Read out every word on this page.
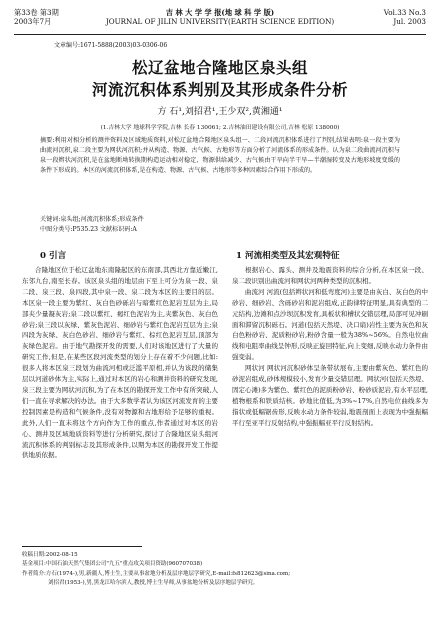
第33卷 第3期
2003年7月
吉 林 大 学 学 报(地 球 科 学 版)
JOURNAL OF JILIN UNIVERSITY(EARTH SCIENCE EDITION)
Vol.33 No.3
Jul. 2003
文章编号:1671-5888(2003)03-0306-06
松辽盆地合隆地区泉头组
河流沉积体系判别及其形成条件分析
方 石¹,刘招君¹,王少双²,黄湘通¹
(1.吉林大学 地球科学学院,吉林 长春 130061; 2.吉林油田建设有限公司,吉林 松原 138000)
摘要:利用对相分析的测井资料及区域地质资料,对松辽盆地合隆地区泉头组一、二段河流沉积体系进行了判别,结果表明:泉一段主要为曲流河沉积,泉二段主要为网状河沉积;并从构造、物源、古气候、古地形等方面分析了河流体系的形成条件。认为泉二段曲流河沉积与泉一段辫状河沉积,是在盆地断坳转换期构造运动相对稳定、物源供给减少、古气候由干旱向半干旱—半潮湿转变及古地形坡度变缓的条件下形成的。本区的河流沉积体系,是在构造、物源、古气候、古地形等多种因素综合作用下形成的。
关键词:泉头组;河流沉积体系;形成条件
中图分类号:P535.23 文献标识码:A
0 引言	1 河流相类型及其宏观特征

合隆地区位于松辽盆地东南隆起区的东南部,其西北方靠近嫩江,东邻九台,南至长春。该区泉头组的地层由下至上可分为泉一段、泉二段、泉三段、泉四段,其中泉一段、泉二段为本区的主要目的层。本区泉一段主要为紫红、灰白色砂砾岩与暗紫红色泥岩互层为主,局部夹少量凝灰岩;泉二段以紫红、褐红色泥岩为主,夹紫灰色、灰白色砂岩;泉三段以灰绿、紫灰色泥岩、细砂岩与紫红色泥岩互层为主;泉四段为灰绿、灰白色砂岩、细砂岩与紫红、棕红色泥岩互层,顶部为灰绿色泥岩。由于地气勘探开发的需要,人们对该地区进行了大量的研究工作,但是,在某些区段河流类型的划分上存在着不少问题,比如:很多人将本区泉三段划为曲流河相或泛滥平原相,并认为该段的储集层以河道砂体为主,实际上,通过对本区的岩心和测井资料的研究发现,泉三段主要为网状河沉积,为了在本区的勘探开发工作中有所突破,人们一直在寻求解决的办法。由于大多数学者认为该区河流发育的主要控制因素是构造和气候条件,没有对物源和古地形给予足够的重视。此外,人们一直未将这个方向作为工作的重点,作者通过对本区的岩心、测井及区域地质资料等进行分析研究,探讨了合隆地区泉头组河流沉积体系的判别标志及其形成条件,以期为本区的勘探开发工作提供地质依据。

根据岩心、露头、测井及地震资料的综合分析,在本区泉一段、泉二段识别出曲流河和网状河两种类型的沉积相。

曲流河 河流(包括辫状河和低弯度河)主要是由灰白、灰白色的中砂岩、细砂岩、含砾砂岩和泥岩组成,正韵律特征明显,具有典型的二元结构,边滩和点沙坝沉积发育,具板状和槽状交错层理,局部可见冲刷面和滞留沉积砾石。河道(包括天然堤、决口扇)岩性主要为灰色和灰白色粉砂岩、泥质粉砂岩,粉砂含量一般为38%~56%。自然电位曲线和电阻率曲线呈钟形,反映正旋回特征,向上变细,反映水动力条件由强变弱。

网状河 网状河沉积砂体呈条带状展布,主要由紫灰色、紫红色的砂泥岩组成,砂体规模较小,发育少量交错层理。网状河(包括天然堤、固定心滩)多为紫色、紫红色的泥质粉砂岩、粉砂质泥岩,有水平层理,植物根系和铁质结核。砂地比值低,为3%~17%,自然电位曲线多为指状或低幅锯齿形,反映水动力条件较弱,地震剖面上表现为中强振幅平行至亚平行反射结构,中强振幅亚平行反射结构。

收稿日期:2002-08-15
基金项目:中国石油天然气集团公司"九五"重点攻关项目资助(960707038)
作者简介:方石(1974-),男,新疆人,博士生,主要从事盆地分析及层序地层学研究,E-mail:fs812623@sina.com;
刘招君(1953-),男,黑龙江哈尔滨人,教授,博士生导师,从事盆地分析及层序地层学研究。
